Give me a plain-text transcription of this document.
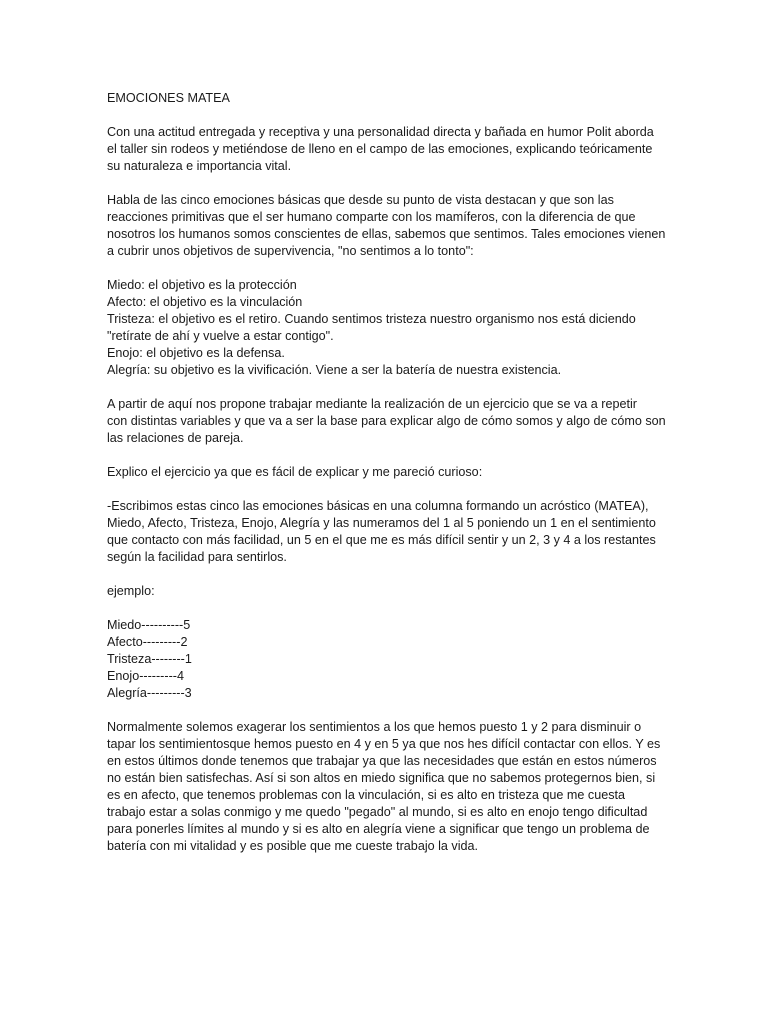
EMOCIONES MATEA

Con una actitud entregada y receptiva y una personalidad directa y bañada en humor Polit aborda
el taller sin rodeos y metiéndose de lleno en el campo de las emociones, explicando teóricamente
su naturaleza e importancia vital.

Habla de las cinco emociones básicas que desde su punto de vista destacan y que son las
reacciones primitivas que el ser humano comparte con los mamíferos, con la diferencia de que
nosotros los humanos somos conscientes de ellas, sabemos que sentimos. Tales emociones vienen
a cubrir unos objetivos de supervivencia, "no sentimos a lo tonto":

Miedo: el objetivo es la protección
Afecto: el objetivo es la vinculación
Tristeza: el objetivo es el retiro. Cuando sentimos tristeza nuestro organismo nos está diciendo
"retírate de ahí y vuelve a estar contigo".
Enojo: el objetivo es la defensa.
Alegría: su objetivo es la vivificación. Viene a ser la batería de nuestra existencia.

A partir de aquí nos propone trabajar mediante la realización de un ejercicio que se va a repetir
con distintas variables y que va a ser la base para explicar algo de cómo somos y algo de cómo son
las relaciones de pareja.

Explico el ejercicio ya que es fácil de explicar y me pareció curioso:

-Escribimos estas cinco las emociones básicas en una columna formando un acróstico (MATEA),
Miedo, Afecto, Tristeza, Enojo, Alegría y las numeramos del 1 al 5 poniendo un 1 en el sentimiento
que contacto con más facilidad, un 5 en el que me es más difícil sentir y un 2, 3 y 4 a los restantes
según la facilidad para sentirlos.

ejemplo:

Miedo----------5
Afecto---------2
Tristeza--------1
Enojo---------4
Alegría---------3

Normalmente solemos exagerar los sentimientos a los que hemos puesto 1 y 2 para disminuir o
tapar los sentimientosque hemos puesto en 4 y en 5 ya que nos hes difícil contactar con ellos. Y es
en estos últimos donde tenemos que trabajar ya que las necesidades que están en estos números
no están bien satisfechas. Así si son altos en miedo significa que no sabemos protegernos bien, si
es en afecto, que tenemos problemas con la vinculación, si es alto en tristeza que me cuesta
trabajo estar a solas conmigo y me quedo "pegado" al mundo, si es alto en enojo tengo dificultad
para ponerles límites al mundo y si es alto en alegría viene a significar que tengo un problema de
batería con mi vitalidad y es posible que me cueste trabajo la vida.
